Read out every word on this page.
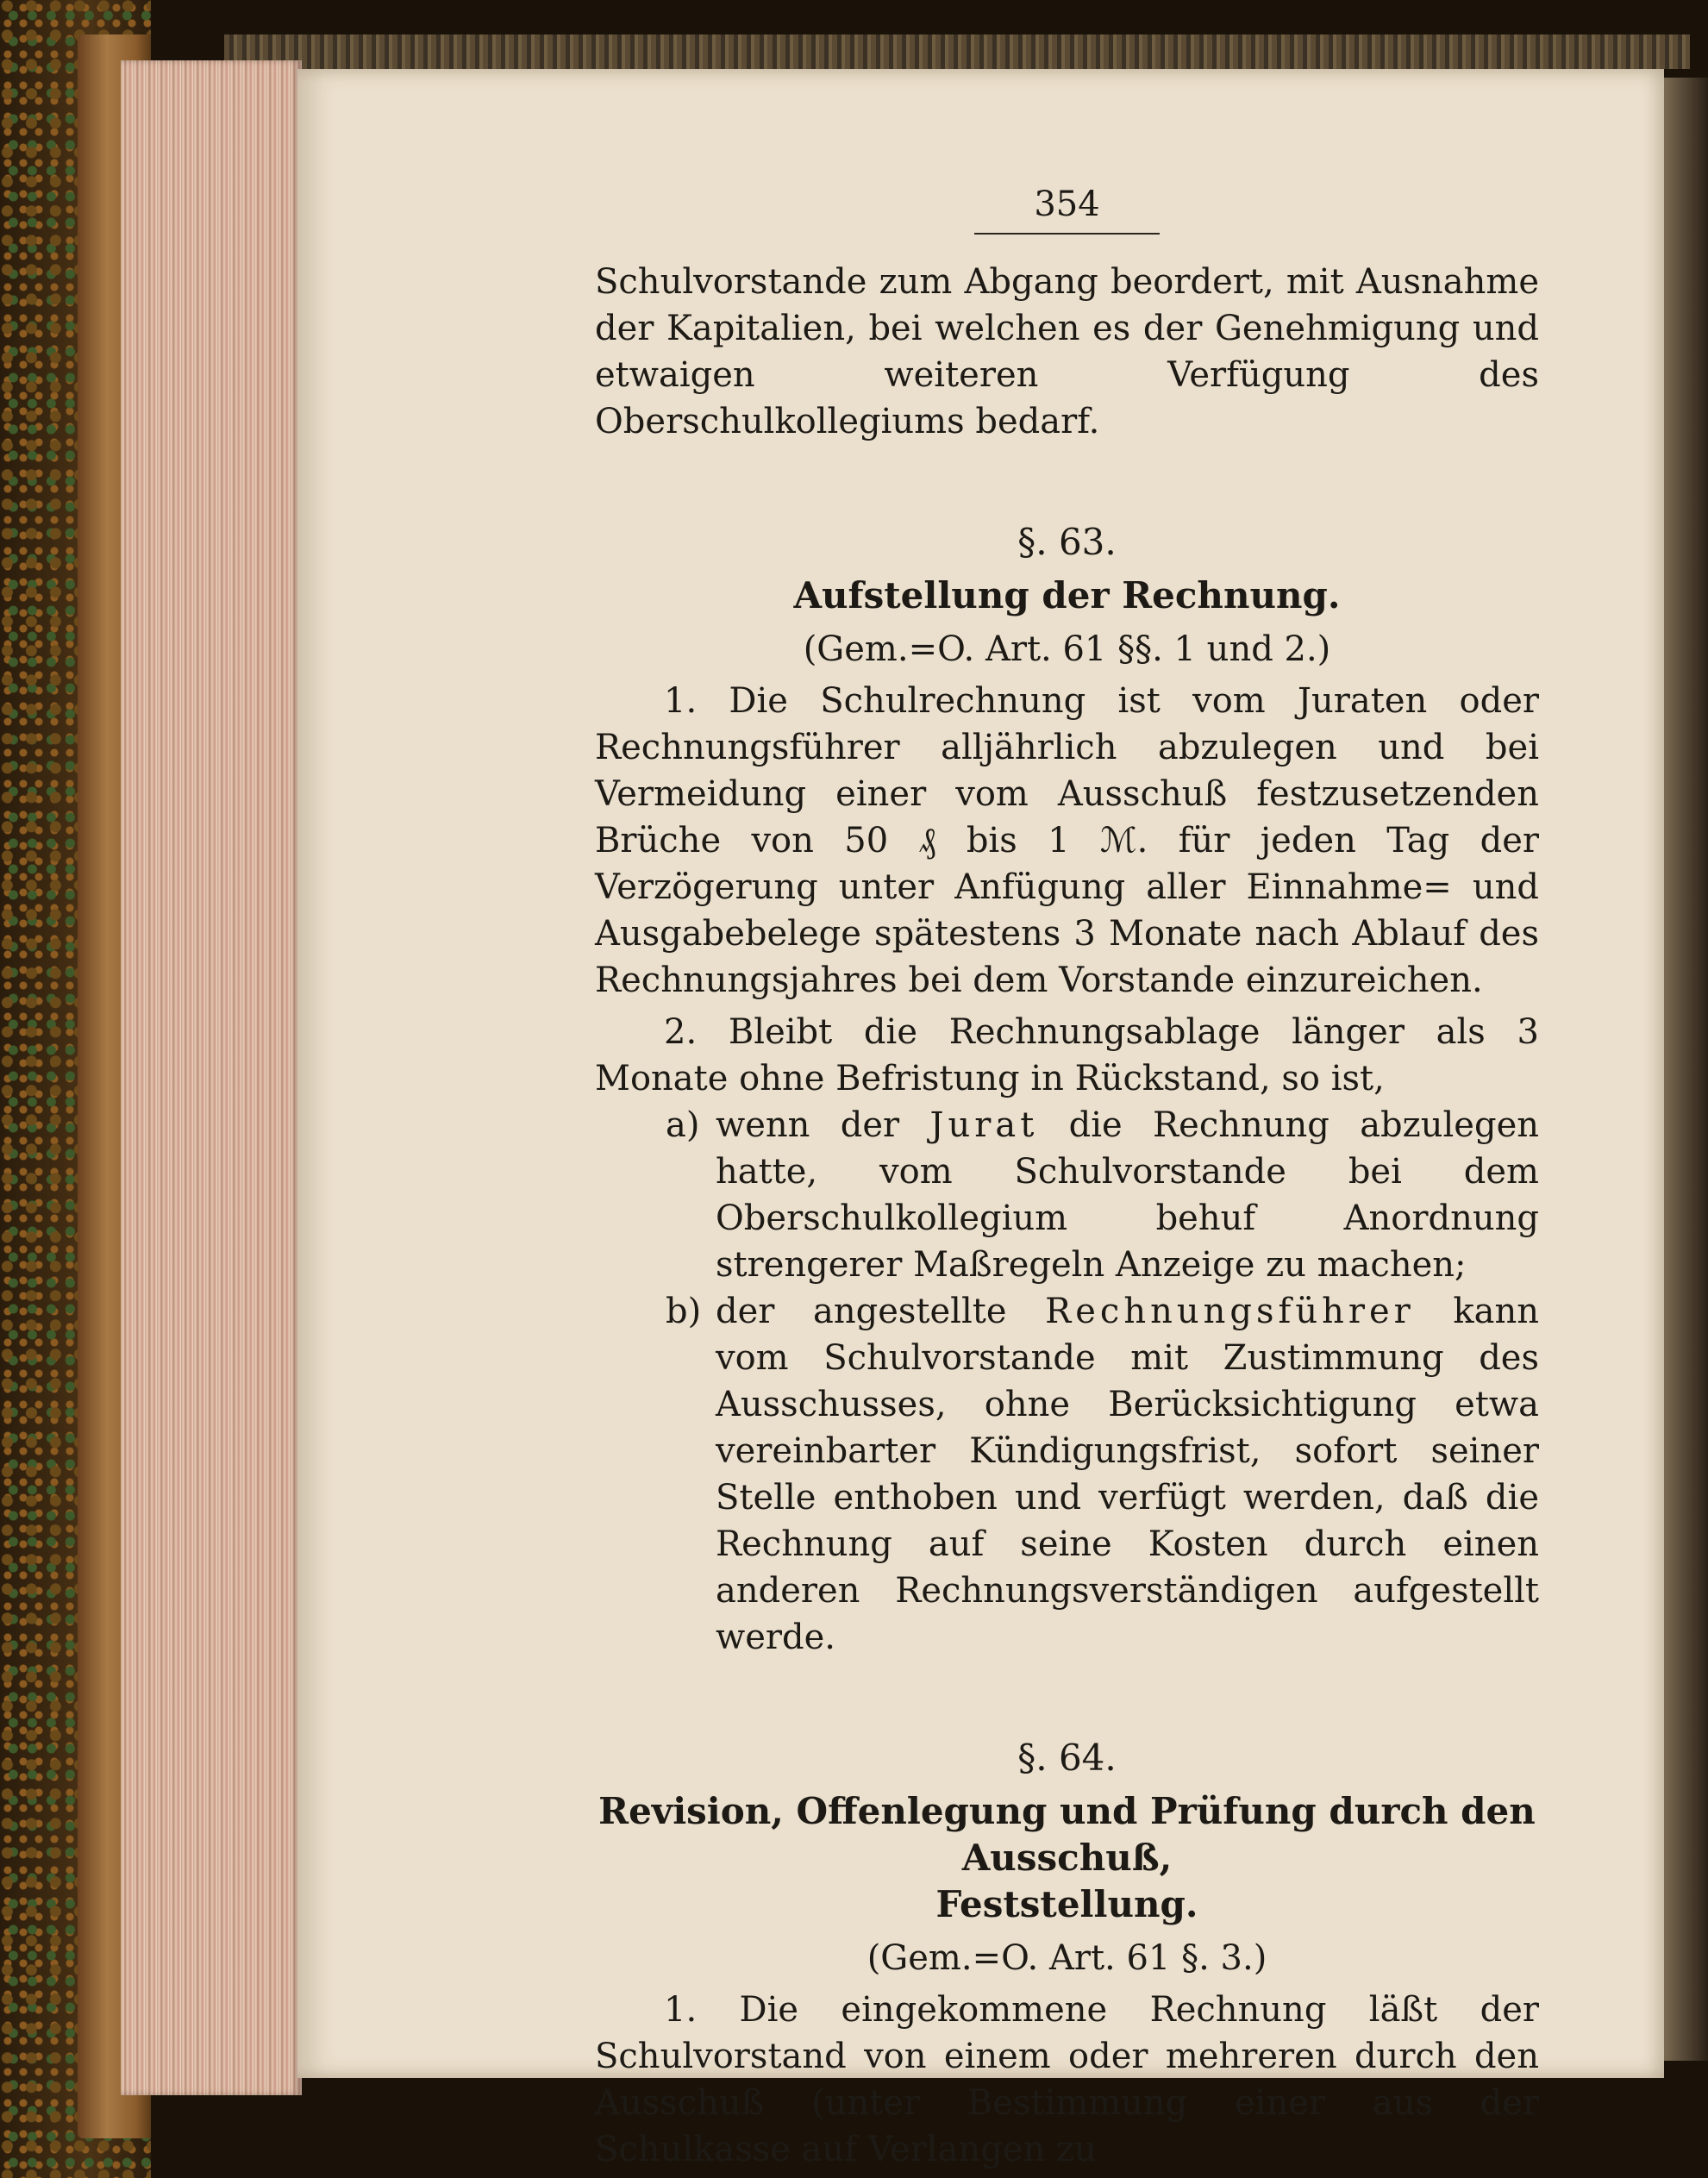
354

Schulvorstande zum Abgang beordert, mit Ausnahme der Kapitalien, bei welchen es der Genehmigung und etwaigen weiteren Verfügung des Oberschulkollegiums bedarf.

§. 63.
Aufstellung der Rechnung.
(Gem.=O. Art. 61 §§. 1 und 2.)

1. Die Schulrechnung ist vom Juraten oder Rechnungsführer alljährlich abzulegen und bei Vermeidung einer vom Ausschuß festzusetzenden Brüche von 50 ₰ bis 1 ℳ. für jeden Tag der Verzögerung unter Anfügung aller Einnahme= und Ausgabebelege spätestens 3 Monate nach Ablauf des Rechnungsjahres bei dem Vorstande einzureichen.

2. Bleibt die Rechnungsablage länger als 3 Monate ohne Befristung in Rückstand, so ist,

a) wenn der Jurat die Rechnung abzulegen hatte, vom Schulvorstande bei dem Oberschulkollegium behuf Anordnung strengerer Maßregeln Anzeige zu machen;
b) der angestellte Rechnungsführer kann vom Schulvorstande mit Zustimmung des Ausschusses, ohne Berücksichtigung etwa vereinbarter Kündigungsfrist, sofort seiner Stelle enthoben und verfügt werden, daß die Rechnung auf seine Kosten durch einen anderen Rechnungsverständigen aufgestellt werde.
§. 64.
Revision, Offenlegung und Prüfung durch den Ausschuß,
Feststellung.
(Gem.=O. Art. 61 §. 3.)

1. Die eingekommene Rechnung läßt der Schulvorstand von einem oder mehreren durch den Ausschuß (unter Bestimmung einer aus der Schulkasse auf Verlangen zu
